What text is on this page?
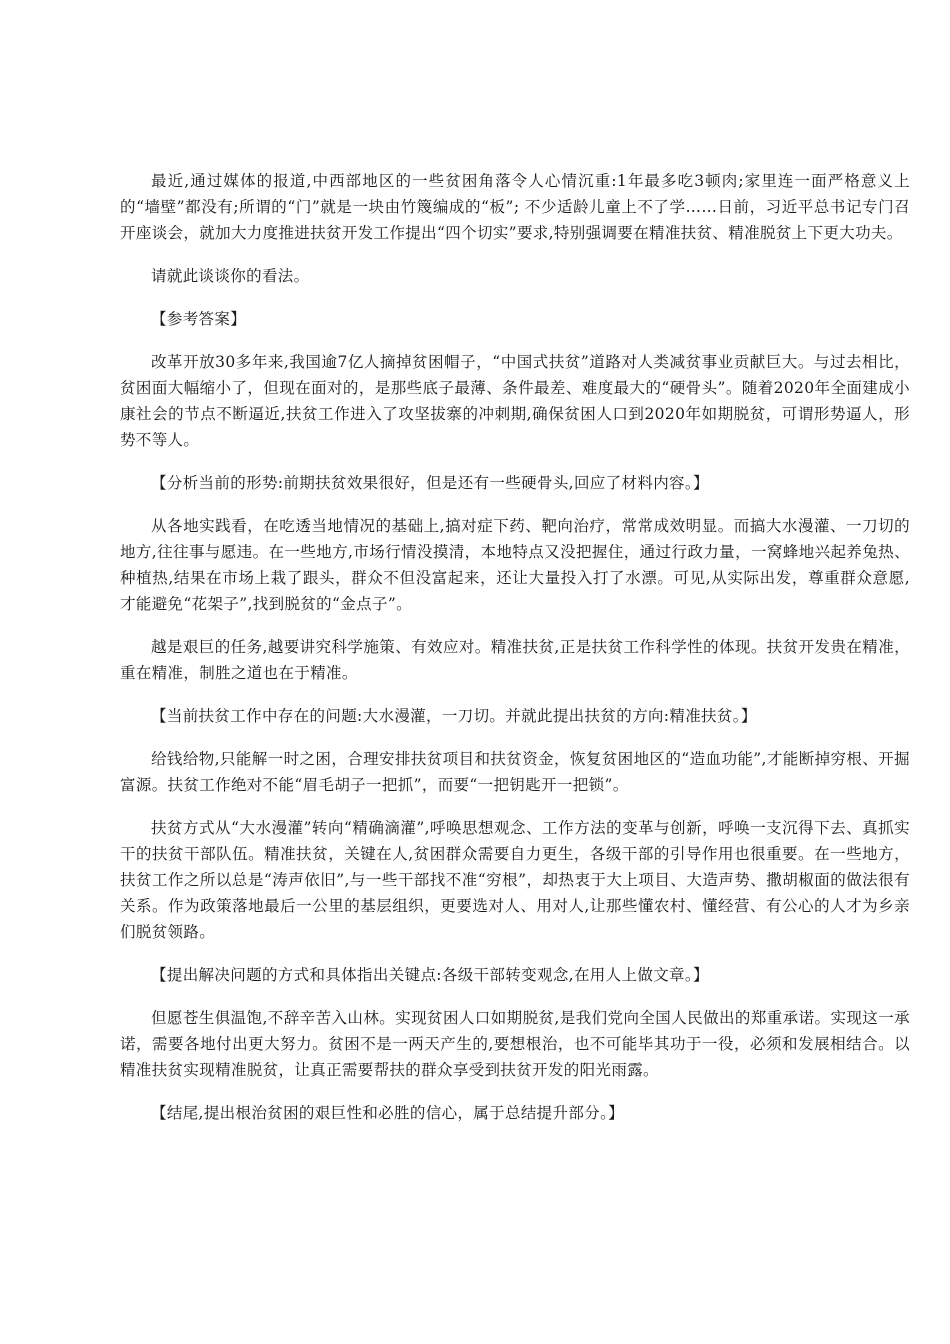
最近,通过媒体的报道,中西部地区的一些贫困角落令人心情沉重:1年最多吃3顿肉;家里连一面严格意义上的“墙壁”都没有;所谓的“门”就是一块由竹篾编成的“板”; 不少适龄儿童上不了学……日前，习近平总书记专门召开座谈会，就加大力度推进扶贫开发工作提出“四个切实”要求,特别强调要在精准扶贫、精准脱贫上下更大功夫。

请就此谈谈你的看法。

【参考答案】

改革开放30多年来,我国逾7亿人摘掉贫困帽子，“中国式扶贫”道路对人类减贫事业贡献巨大。与过去相比，贫困面大幅缩小了，但现在面对的，是那些底子最薄、条件最差、难度最大的“硬骨头”。随着2020年全面建成小康社会的节点不断逼近,扶贫工作进入了攻坚拔寨的冲刺期,确保贫困人口到2020年如期脱贫，可谓形势逼人，形势不等人。

【分析当前的形势:前期扶贫效果很好，但是还有一些硬骨头,回应了材料内容。】

从各地实践看，在吃透当地情况的基础上,搞对症下药、靶向治疗，常常成效明显。而搞大水漫灌、一刀切的地方,往往事与愿违。在一些地方,市场行情没摸清，本地特点又没把握住，通过行政力量，一窝蜂地兴起养兔热、种植热,结果在市场上栽了跟头，群众不但没富起来，还让大量投入打了水漂。可见,从实际出发，尊重群众意愿,才能避免“花架子”,找到脱贫的“金点子”。

越是艰巨的任务,越要讲究科学施策、有效应对。精准扶贫,正是扶贫工作科学性的体现。扶贫开发贵在精准，重在精准，制胜之道也在于精准。

【当前扶贫工作中存在的问题:大水漫灌，一刀切。并就此提出扶贫的方向:精准扶贫。】

给钱给物,只能解一时之困，合理安排扶贫项目和扶贫资金，恢复贫困地区的“造血功能”,才能断掉穷根、开掘富源。扶贫工作绝对不能“眉毛胡子一把抓”，而要“一把钥匙开一把锁”。

扶贫方式从“大水漫灌”转向“精确滴灌”,呼唤思想观念、工作方法的变革与创新，呼唤一支沉得下去、真抓实干的扶贫干部队伍。精准扶贫，关键在人,贫困群众需要自力更生，各级干部的引导作用也很重要。在一些地方，扶贫工作之所以总是“涛声依旧”,与一些干部找不准“穷根”，却热衷于大上项目、大造声势、撒胡椒面的做法很有关系。作为政策落地最后一公里的基层组织，更要选对人、用对人,让那些懂农村、懂经营、有公心的人才为乡亲们脱贫领路。

【提出解决问题的方式和具体指出关键点:各级干部转变观念,在用人上做文章。】

但愿苍生俱温饱,不辞辛苦入山林。实现贫困人口如期脱贫,是我们党向全国人民做出的郑重承诺。实现这一承诺，需要各地付出更大努力。贫困不是一两天产生的,要想根治，也不可能毕其功于一役，必须和发展相结合。以精准扶贫实现精准脱贫，让真正需要帮扶的群众享受到扶贫开发的阳光雨露。

【结尾,提出根治贫困的艰巨性和必胜的信心，属于总结提升部分。】
